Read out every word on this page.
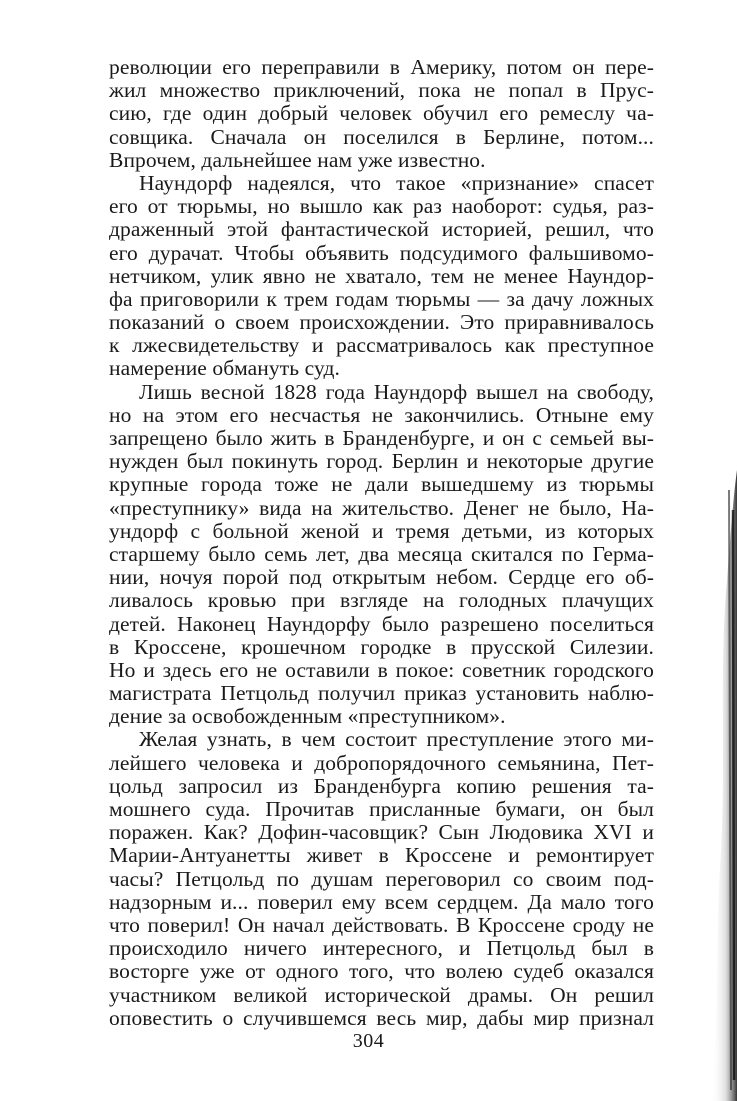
революции его переправили в Америку, потом он пере-
жил множество приключений, пока не попал в Прус-
сию, где один добрый человек обучил его ремеслу ча-
совщика. Сначала он поселился в Берлине, потом...
Впрочем, дальнейшее нам уже известно.
Наундорф надеялся, что такое «признание» спасет
его от тюрьмы, но вышло как раз наоборот: судья, раз-
драженный этой фантастической историей, решил, что
его дурачат. Чтобы объявить подсудимого фальшивомо-
нетчиком, улик явно не хватало, тем не менее Наундор-
фа приговорили к трем годам тюрьмы — за дачу ложных
показаний о своем происхождении. Это приравнивалось
к лжесвидетельству и рассматривалось как преступное
намерение обмануть суд.
Лишь весной 1828 года Наундорф вышел на свободу,
но на этом его несчастья не закончились. Отныне ему
запрещено было жить в Бранденбурге, и он с семьей вы-
нужден был покинуть город. Берлин и некоторые другие
крупные города тоже не дали вышедшему из тюрьмы
«преступнику» вида на жительство. Денег не было, На-
ундорф с больной женой и тремя детьми, из которых
старшему было семь лет, два месяца скитался по Герма-
нии, ночуя порой под открытым небом. Сердце его об-
ливалось кровью при взгляде на голодных плачущих
детей. Наконец Наундорфу было разрешено поселиться
в Кроссене, крошечном городке в прусской Силезии.
Но и здесь его не оставили в покое: советник городского
магистрата Петцольд получил приказ установить наблю-
дение за освобожденным «преступником».
Желая узнать, в чем состоит преступление этого ми-
лейшего человека и добропорядочного семьянина, Пет-
цольд запросил из Бранденбурга копию решения та-
мошнего суда. Прочитав присланные бумаги, он был
поражен. Как? Дофин-часовщик? Сын Людовика XVI и
Марии-Антуанетты живет в Кроссене и ремонтирует
часы? Петцольд по душам переговорил со своим под-
надзорным и... поверил ему всем сердцем. Да мало того
что поверил! Он начал действовать. В Кроссене сроду не
происходило ничего интересного, и Петцольд был в
восторге уже от одного того, что волею судеб оказался
участником великой исторической драмы. Он решил
оповестить о случившемся весь мир, дабы мир признал
304
